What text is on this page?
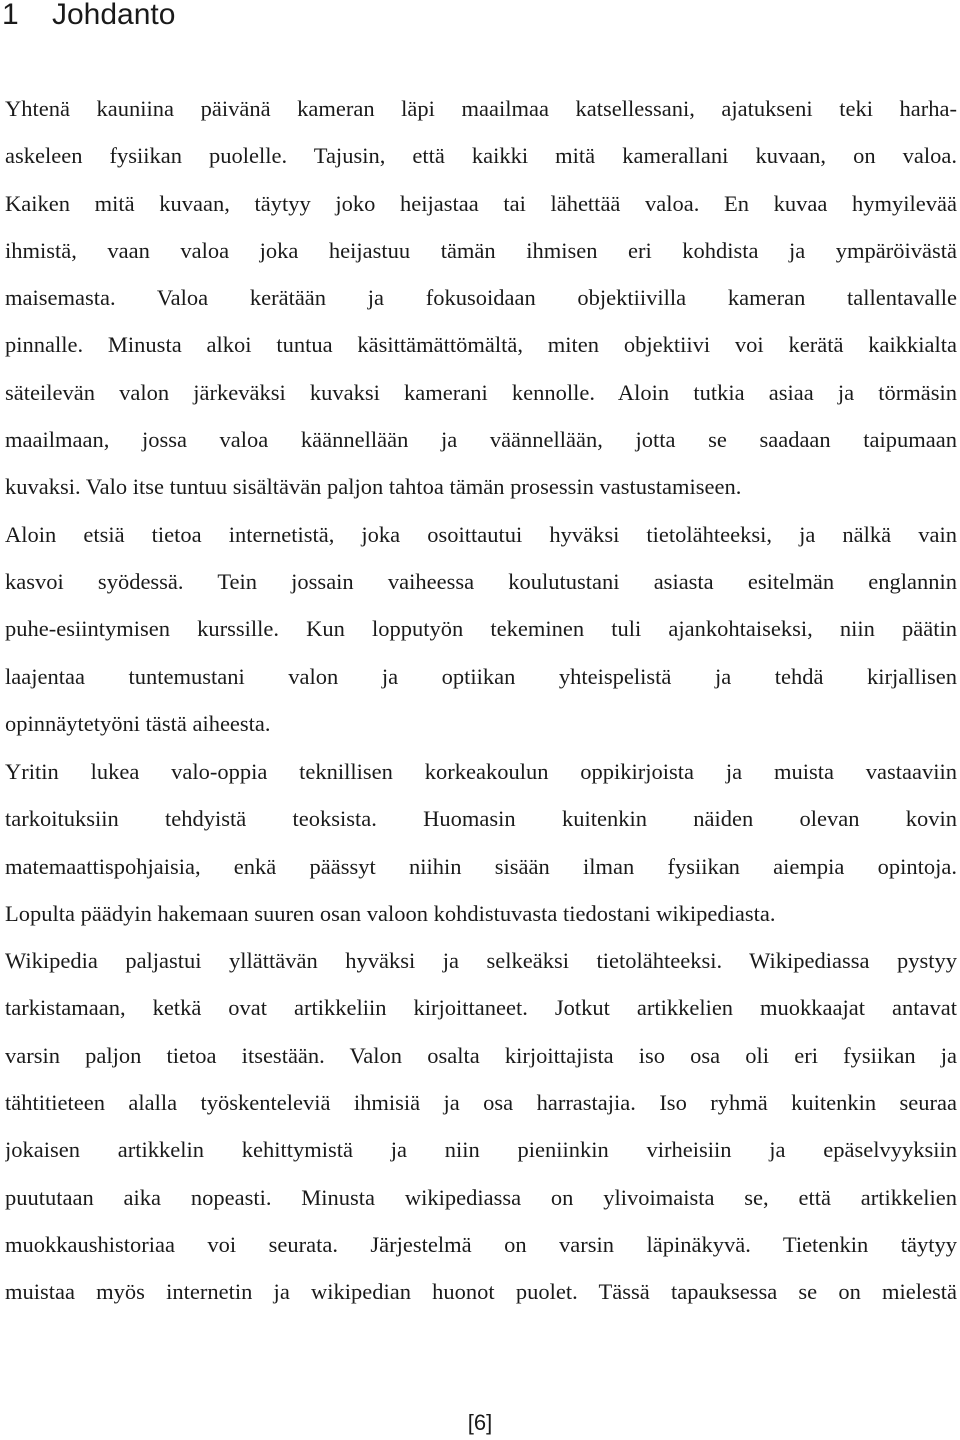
1 Johdanto
Yhtenä kauniina päivänä kameran läpi maailmaa katsellessani, ajatukseni teki harha-
askeleen fysiikan puolelle. Tajusin, että kaikki mitä kamerallani kuvaan, on valoa.
Kaiken mitä kuvaan, täytyy joko heijastaa tai lähettää valoa. En kuvaa hymyilevää
ihmistä, vaan valoa joka heijastuu tämän ihmisen eri kohdista ja ympäröivästä
maisemasta. Valoa kerätään ja fokusoidaan objektiivilla kameran tallentavalle
pinnalle. Minusta alkoi tuntua käsittämättömältä, miten objektiivi voi kerätä kaikkialta
säteilevän valon järkeväksi kuvaksi kamerani kennolle. Aloin tutkia asiaa ja törmäsin
maailmaan, jossa valoa käännellään ja väännellään, jotta se saadaan taipumaan
kuvaksi. Valo itse tuntuu sisältävän paljon tahtoa tämän prosessin vastustamiseen.
Aloin etsiä tietoa internetistä, joka osoittautui hyväksi tietolähteeksi, ja nälkä vain
kasvoi syödessä. Tein jossain vaiheessa koulutustani asiasta esitelmän englannin
puhe-esiintymisen kurssille. Kun lopputyön tekeminen tuli ajankohtaiseksi, niin päätin
laajentaa tuntemustani valon ja optiikan yhteispelistä ja tehdä kirjallisen
opinnäytetyöni tästä aiheesta.
Yritin lukea valo-oppia teknillisen korkeakoulun oppikirjoista ja muista vastaaviin
tarkoituksiin tehdyistä teoksista. Huomasin kuitenkin näiden olevan kovin
matemaattispohjaisia, enkä päässyt niihin sisään ilman fysiikan aiempia opintoja.
Lopulta päädyin hakemaan suuren osan valoon kohdistuvasta tiedostani wikipediasta.
Wikipedia paljastui yllättävän hyväksi ja selkeäksi tietolähteeksi. Wikipediassa pystyy
tarkistamaan, ketkä ovat artikkeliin kirjoittaneet. Jotkut artikkelien muokkaajat antavat
varsin paljon tietoa itsestään. Valon osalta kirjoittajista iso osa oli eri fysiikan ja
tähtitieteen alalla työskenteleviä ihmisiä ja osa harrastajia. Iso ryhmä kuitenkin seuraa
jokaisen artikkelin kehittymistä ja niin pieniinkin virheisiin ja epäselvyyksiin
puututaan aika nopeasti. Minusta wikipediassa on ylivoimaista se, että artikkelien
muokkaushistoriaa voi seurata. Järjestelmä on varsin läpinäkyvä. Tietenkin täytyy
muistaa myös internetin ja wikipedian huonot puolet. Tässä tapauksessa se on mielestä
[6]
